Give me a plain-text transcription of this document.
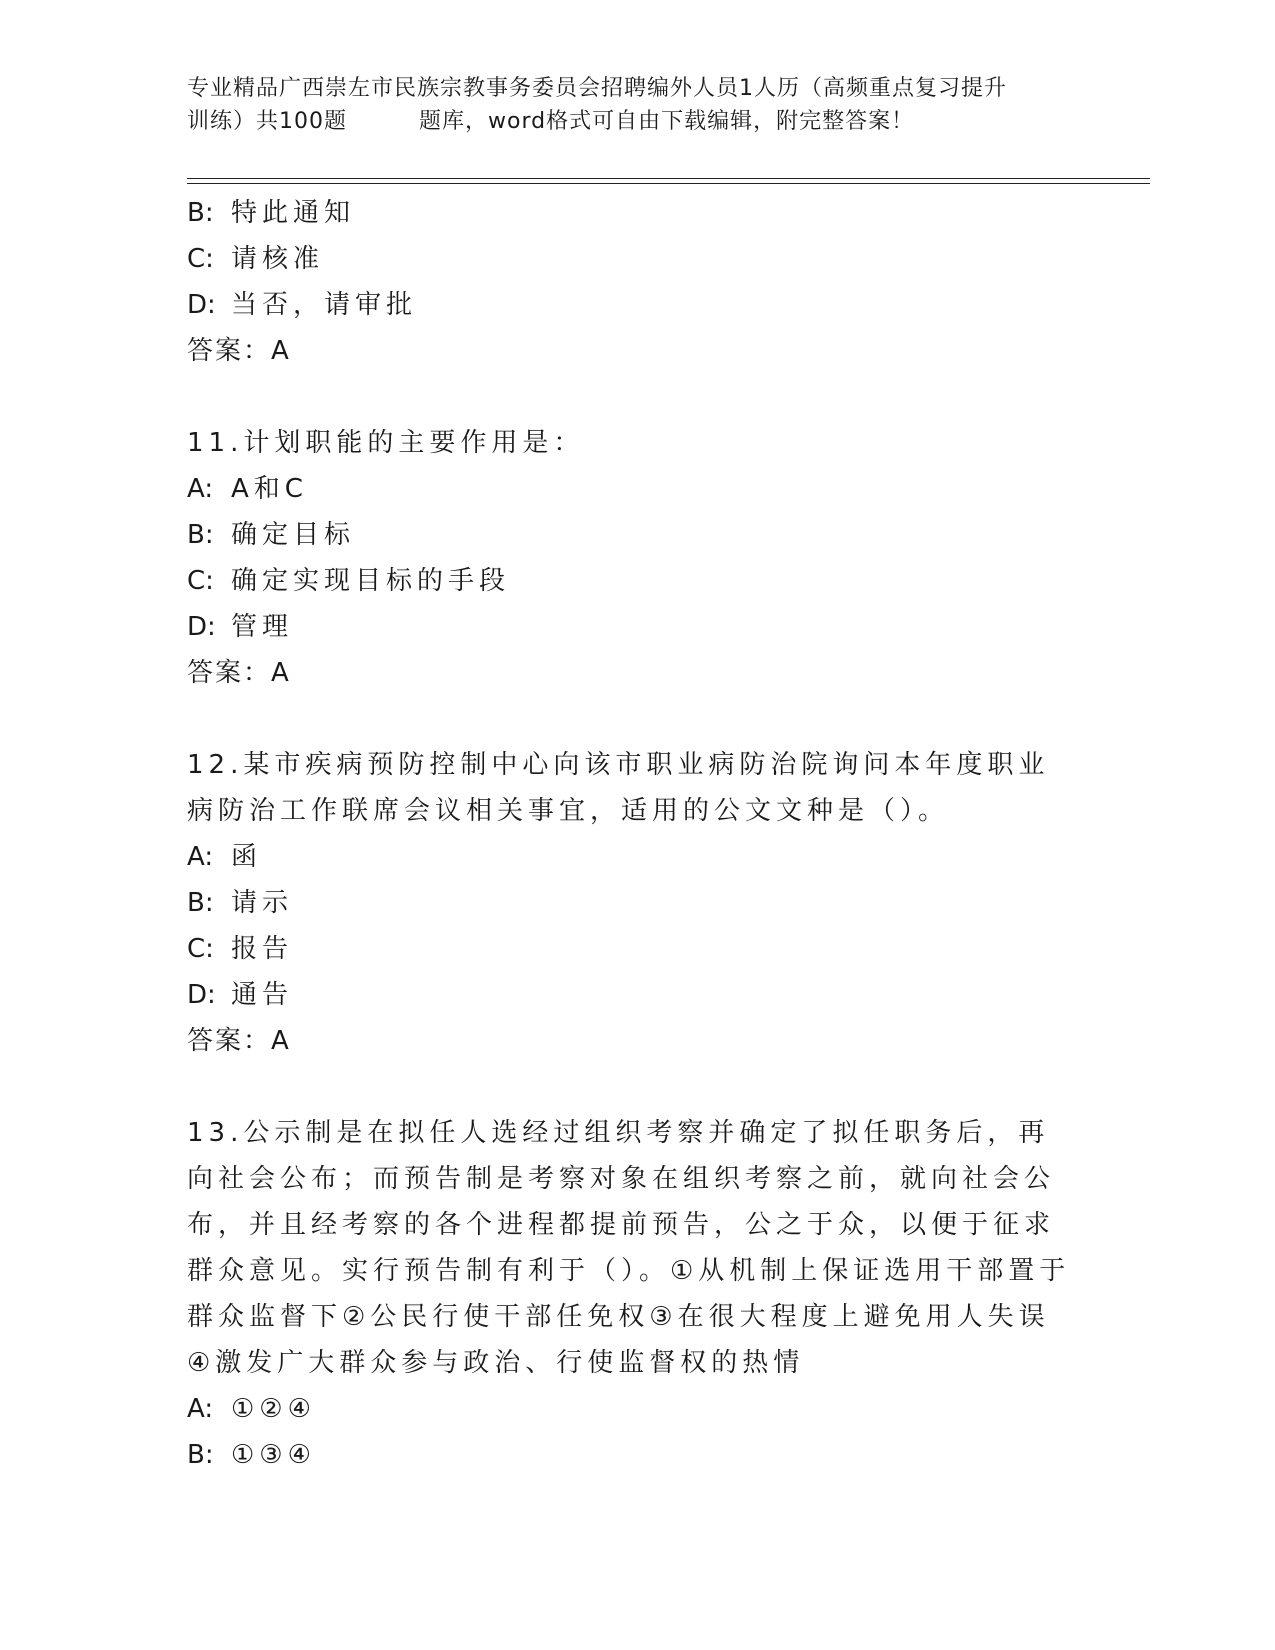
专业精品广西崇左市民族宗教事务委员会招聘编外人员1人历（高频重点复习提升
训练）共100题	题库，word格式可自由下载编辑，附完整答案！
B: 特此通知
C: 请核准
D: 当否，请审批
答案：A
11.计划职能的主要作用是：
A: A和C
B: 确定目标
C: 确定实现目标的手段
D: 管理
答案：A
12.某市疾病预防控制中心向该市职业病防治院询问本年度职业病防治工作联席会议相关事宜，适用的公文文种是（）。
A: 函
B: 请示
C: 报告
D: 通告
答案：A
13.公示制是在拟任人选经过组织考察并确定了拟任职务后，再向社会公布；而预告制是考察对象在组织考察之前，就向社会公布，并且经考察的各个进程都提前预告，公之于众，以便于征求群众意见。实行预告制有利于（）。①从机制上保证选用干部置于群众监督下②公民行使干部任免权③在很大程度上避免用人失误④激发广大群众参与政治、行使监督权的热情
A: ①②④
B: ①③④
